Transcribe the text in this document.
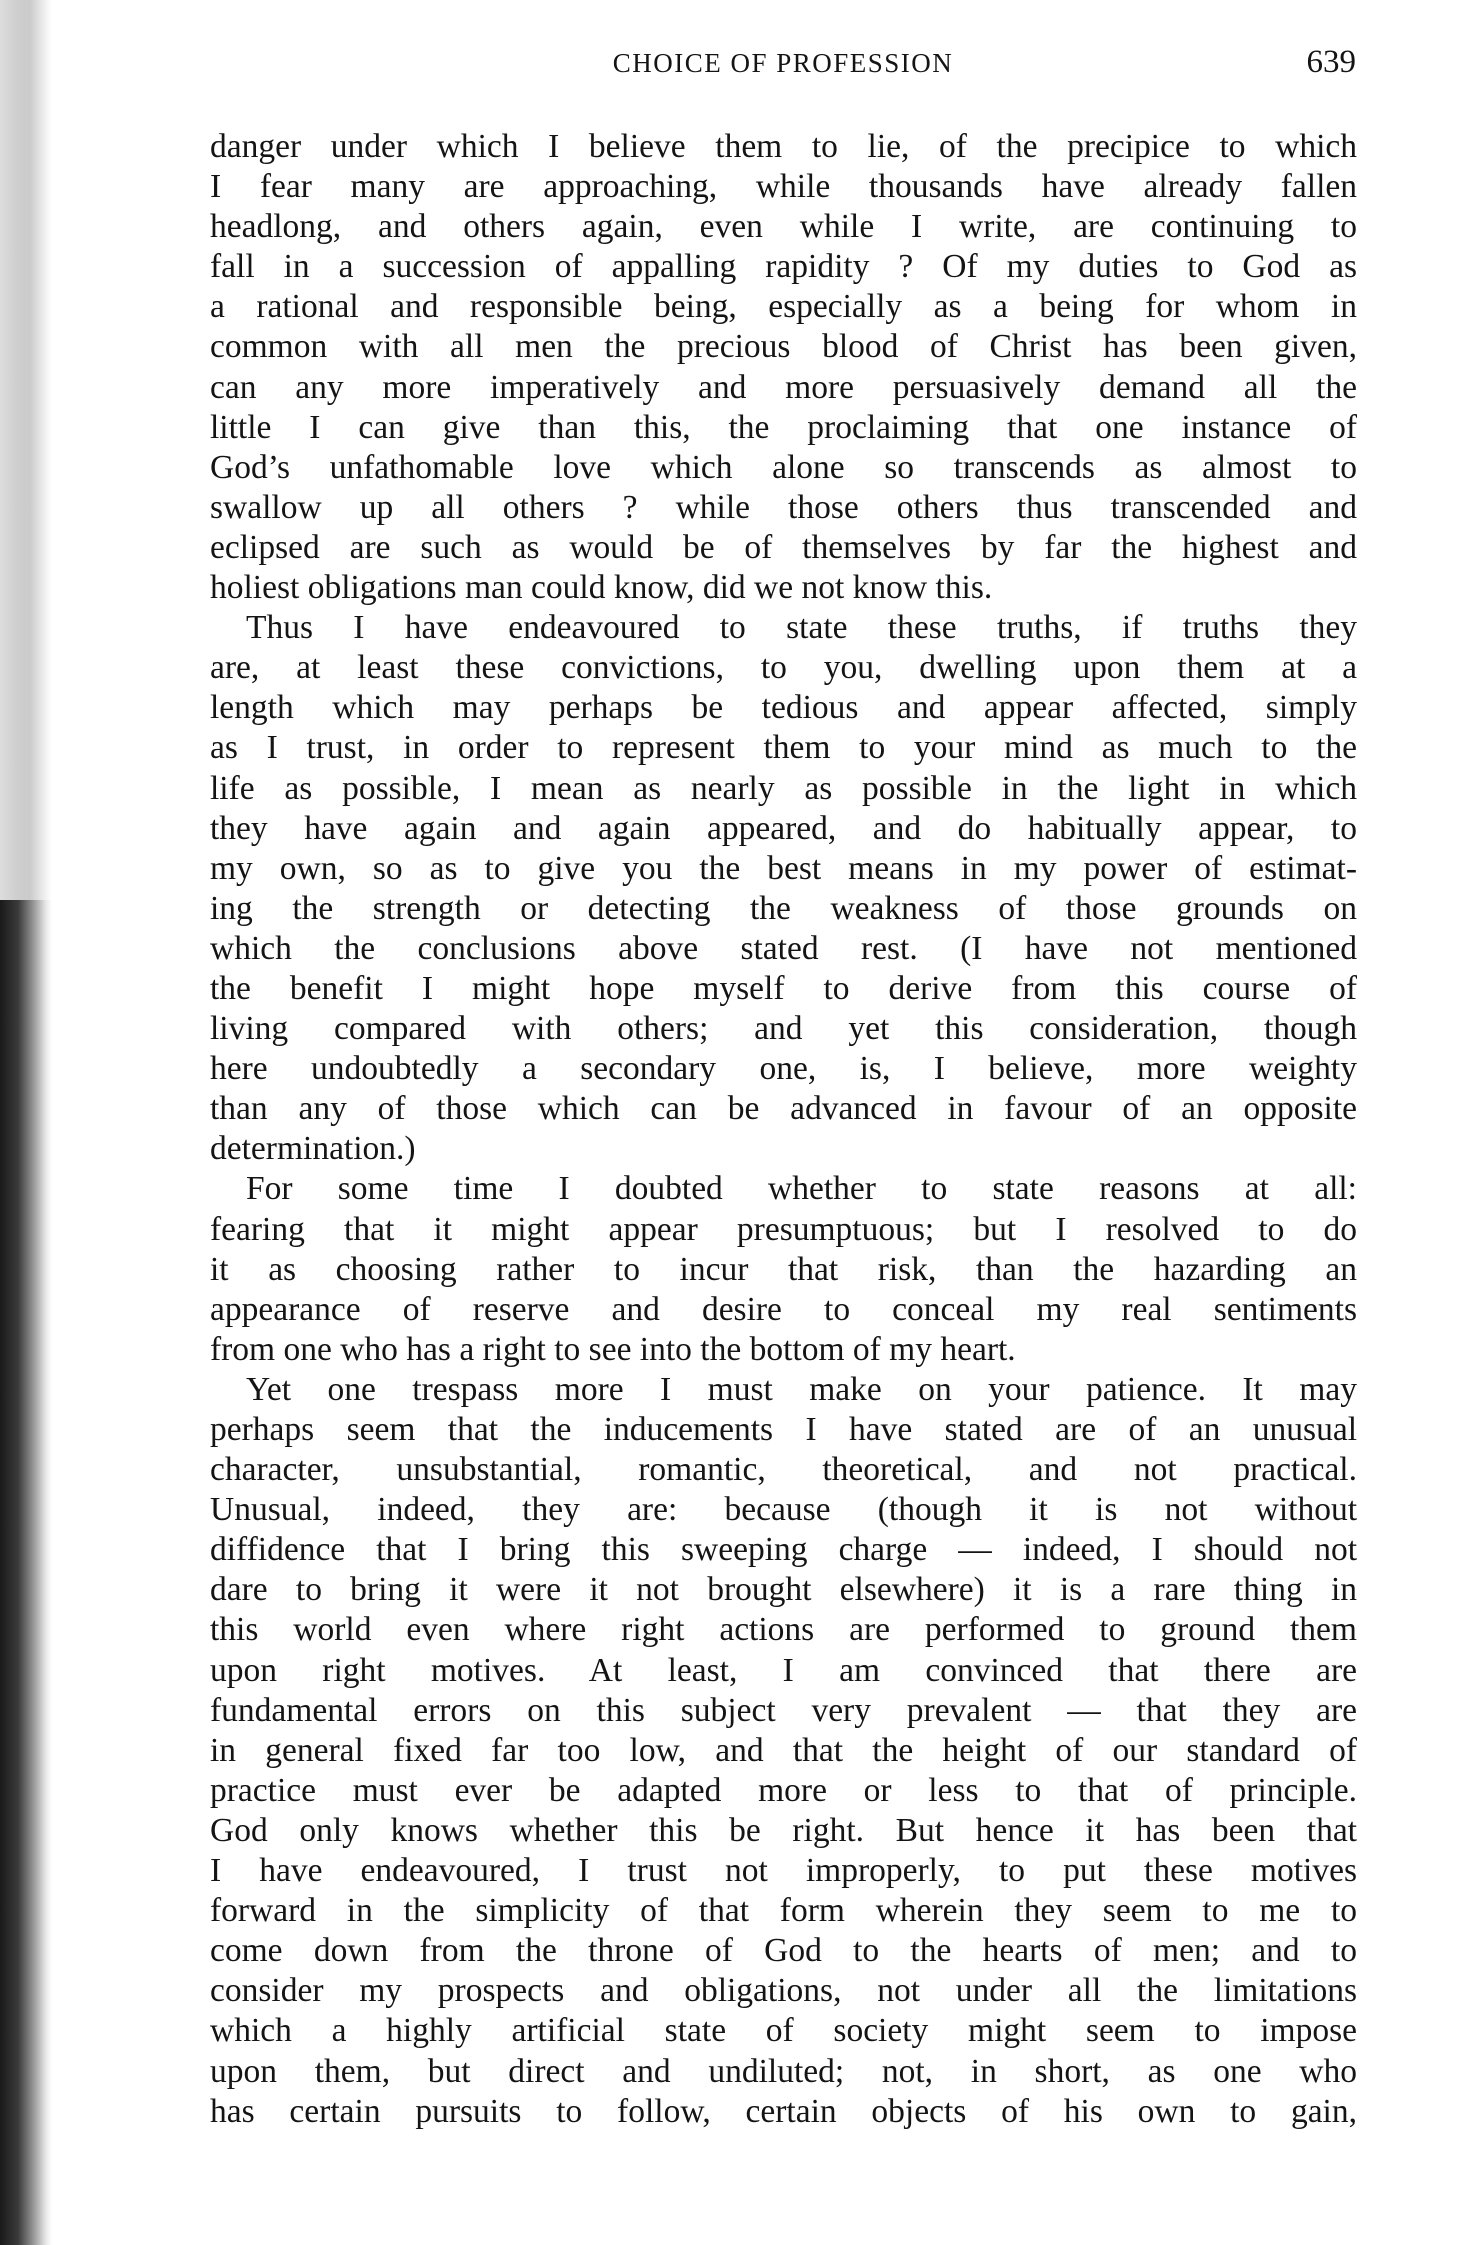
CHOICE OF PROFESSION	639
danger under which I believe them to lie, of the precipice to which
I fear many are approaching, while thousands have already fallen
headlong, and others again, even while I write, are continuing to
fall in a succession of appalling rapidity ? Of my duties to God as
a rational and responsible being, especially as a being for whom in
common with all men the precious blood of Christ has been given,
can any more imperatively and more persuasively demand all the
little I can give than this, the proclaiming that one instance of
God’s unfathomable love which alone so transcends as almost to
swallow up all others ? while those others thus transcended and
eclipsed are such as would be of themselves by far the highest and
holiest obligations man could know, did we not know this.
Thus I have endeavoured to state these truths, if truths they
are, at least these convictions, to you, dwelling upon them at a
length which may perhaps be tedious and appear affected, simply
as I trust, in order to represent them to your mind as much to the
life as possible, I mean as nearly as possible in the light in which
they have again and again appeared, and do habitually appear, to
my own, so as to give you the best means in my power of estimat-
ing the strength or detecting the weakness of those grounds on
which the conclusions above stated rest. (I have not mentioned
the benefit I might hope myself to derive from this course of
living compared with others; and yet this consideration, though
here undoubtedly a secondary one, is, I believe, more weighty
than any of those which can be advanced in favour of an opposite
determination.)
For some time I doubted whether to state reasons at all:
fearing that it might appear presumptuous; but I resolved to do
it as choosing rather to incur that risk, than the hazarding an
appearance of reserve and desire to conceal my real sentiments
from one who has a right to see into the bottom of my heart.
Yet one trespass more I must make on your patience. It may
perhaps seem that the inducements I have stated are of an unusual
character, unsubstantial, romantic, theoretical, and not practical.
Unusual, indeed, they are: because (though it is not without
diffidence that I bring this sweeping charge — indeed, I should not
dare to bring it were it not brought elsewhere) it is a rare thing in
this world even where right actions are performed to ground them
upon right motives. At least, I am convinced that there are
fundamental errors on this subject very prevalent — that they are
in general fixed far too low, and that the height of our standard of
practice must ever be adapted more or less to that of principle.
God only knows whether this be right. But hence it has been that
I have endeavoured, I trust not improperly, to put these motives
forward in the simplicity of that form wherein they seem to me to
come down from the throne of God to the hearts of men; and to
consider my prospects and obligations, not under all the limitations
which a highly artificial state of society might seem to impose
upon them, but direct and undiluted; not, in short, as one who
has certain pursuits to follow, certain objects of his own to gain,
